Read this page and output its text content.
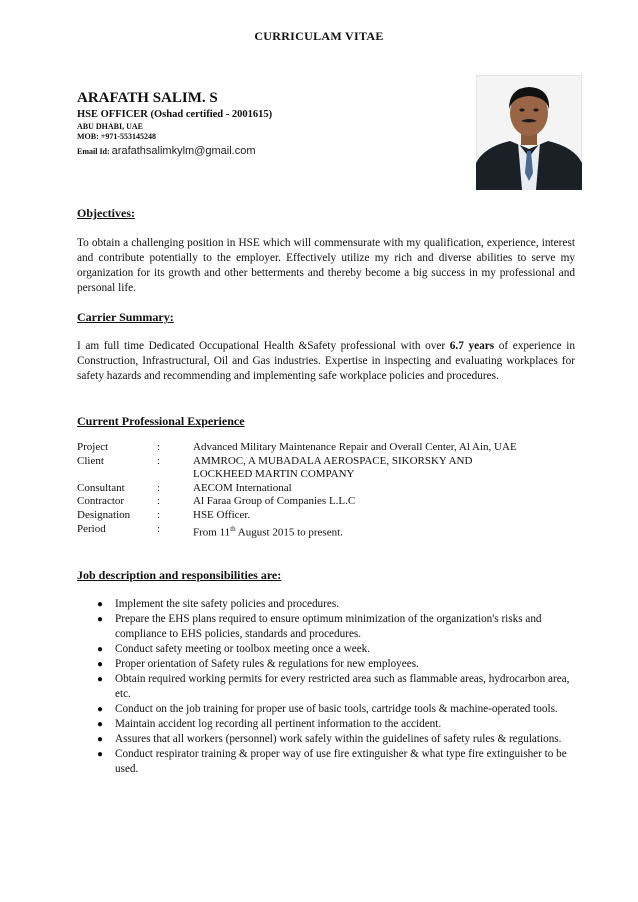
CURRICULAM VITAE
ARAFATH SALIM. S
HSE OFFICER (Oshad certified - 2001615)
ABU DHABI, UAE
MOB: +971-553145248
Email Id: arafathsalimkylm@gmail.com
Objectives:

To obtain a challenging position in HSE which will commensurate with my qualification, experience, interest and contribute potentially to the employer. Effectively utilize my rich and diverse abilities to serve my organization for its growth and other betterments and thereby become a big success in my professional and personal life.

Carrier Summary:

I am full time Dedicated Occupational Health &Safety professional with over 6.7 years of experience in Construction, Infrastructural, Oil and Gas industries. Expertise in inspecting and evaluating workplaces for safety hazards and recommending and implementing safe workplace policies and procedures.

Current Professional Experience
Project	:	Advanced Military Maintenance Repair and Overall Center, Al Ain, UAE
Client	:	AMMROC, A MUBADALA AEROSPACE, SIKORSKY AND LOCKHEED MARTIN COMPANY
Consultant	:	AECOM International
Contractor	:	Al Faraa Group of Companies L.L.C
Designation	:	HSE Officer.
Period	:	From 11th August 2015 to present.
Job description and responsibilities are:
● Implement the site safety policies and procedures.
● Prepare the EHS plans required to ensure optimum minimization of the organization's risks and compliance to EHS policies, standards and procedures.
● Conduct safety meeting or toolbox meeting once a week.
● Proper orientation of Safety rules & regulations for new employees.
● Obtain required working permits for every restricted area such as flammable areas, hydrocarbon area, etc.
● Conduct on the job training for proper use of basic tools, cartridge tools & machine-operated tools.
● Maintain accident log recording all pertinent information to the accident.
● Assures that all workers (personnel) work safely within the guidelines of safety rules & regulations.
● Conduct respirator training & proper way of use fire extinguisher & what type fire extinguisher to be used.
